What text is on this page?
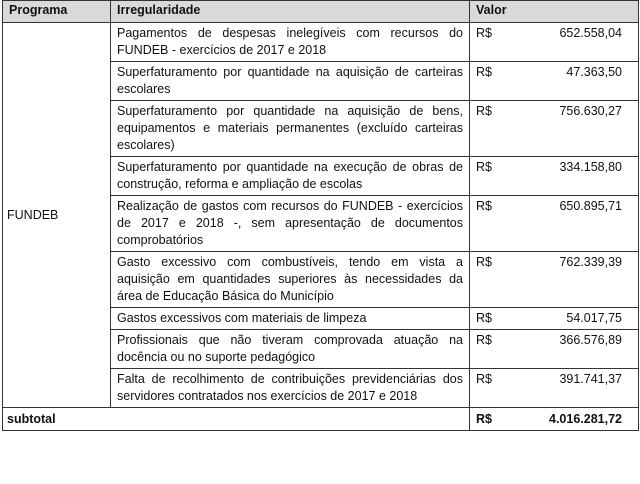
Programa	Irregularidade	Valor
FUNDEB	Pagamentos de despesas inelegíveis com recursos do FUNDEB - exercícios de 2017 e 2018	R$ 652.558,04

	Superfaturamento por quantidade na aquisição de carteiras escolares	R$ 47.363,50

	Superfaturamento por quantidade na aquisição de bens, equipamentos e materiais permanentes (excluído carteiras escolares)	R$ 756.630,27

	Superfaturamento por quantidade na execução de obras de construção, reforma e ampliação de escolas	R$ 334.158,80

	Realização de gastos com recursos do FUNDEB - exercícios de 2017 e 2018 -, sem apresentação de documentos comprobatórios	R$ 650.895,71

	Gasto excessivo com combustíveis, tendo em vista a aquisição em quantidades superiores às necessidades da área de Educação Básica do Município	R$ 762.339,39

	Gastos excessivos com materiais de limpeza	R$ 54.017,75

	Profissionais que não tiveram comprovada atuação na docência ou no suporte pedagógico	R$ 366.576,89

	Falta de recolhimento de contribuições previdenciárias dos servidores contratados nos exercícios de 2017 e 2018	R$ 391.741,37

subtotal		R$ 4.016.281,72
